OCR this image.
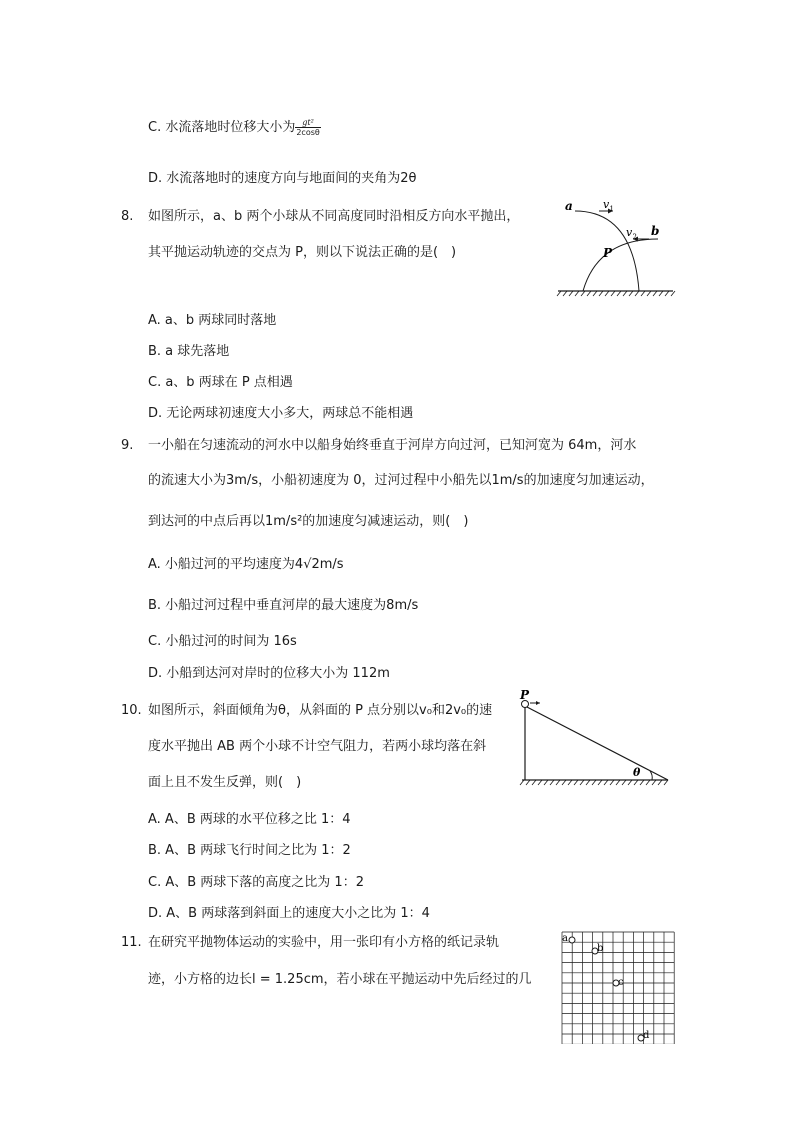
C. 水流落地时位移大小为 $\frac{\text{gt²}}{2\cos\theta}$
D. 水流落地时的速度方向与地面间的夹角为2θ
8. 如图所示，a、b 两个小球从不同高度同时沿相反方向水平抛出，
其平抛运动轨迹的交点为 P，则以下说法正确的是(　)
A. a、b 两球同时落地
B. a 球先落地
C. a、b 两球在 P 点相遇
D. 无论两球初速度大小多大，两球总不能相遇
a	v 1
v 2 b
P
9. 一小船在匀速流动的河水中以船身始终垂直于河岸方向过河，已知河宽为 64m，河水
的流速大小为3m/s，小船初速度为 0，过河过程中小船先以1m/s的加速度匀加速运动，
到达河的中点后再以1m/s²的加速度匀减速运动，则(　)
A. 小船过河的平均速度为4√2m/s
B. 小船过河过程中垂直河岸的最大速度为8m/s
C. 小船过河的时间为 16s
D. 小船到达河对岸时的位移大小为 112m
10. 如图所示，斜面倾角为θ，从斜面的 P 点分别以v₀和2v₀的速
度水平抛出 AB 两个小球不计空气阻力，若两小球均落在斜
面上且不发生反弹，则(　)
A. A、B 两球的水平位移之比 1：4
B. A、B 两球飞行时间之比为 1：2
C. A、B 两球下落的高度之比为 1：2
D. A、B 两球落到斜面上的速度大小之比为 1：4
P
θ
11. 在研究平抛物体运动的实验中，用一张印有小方格的纸记录轨
迹，小方格的边长l = 1.25cm，若小球在平抛运动中先后经过的几
a
b
c
d
